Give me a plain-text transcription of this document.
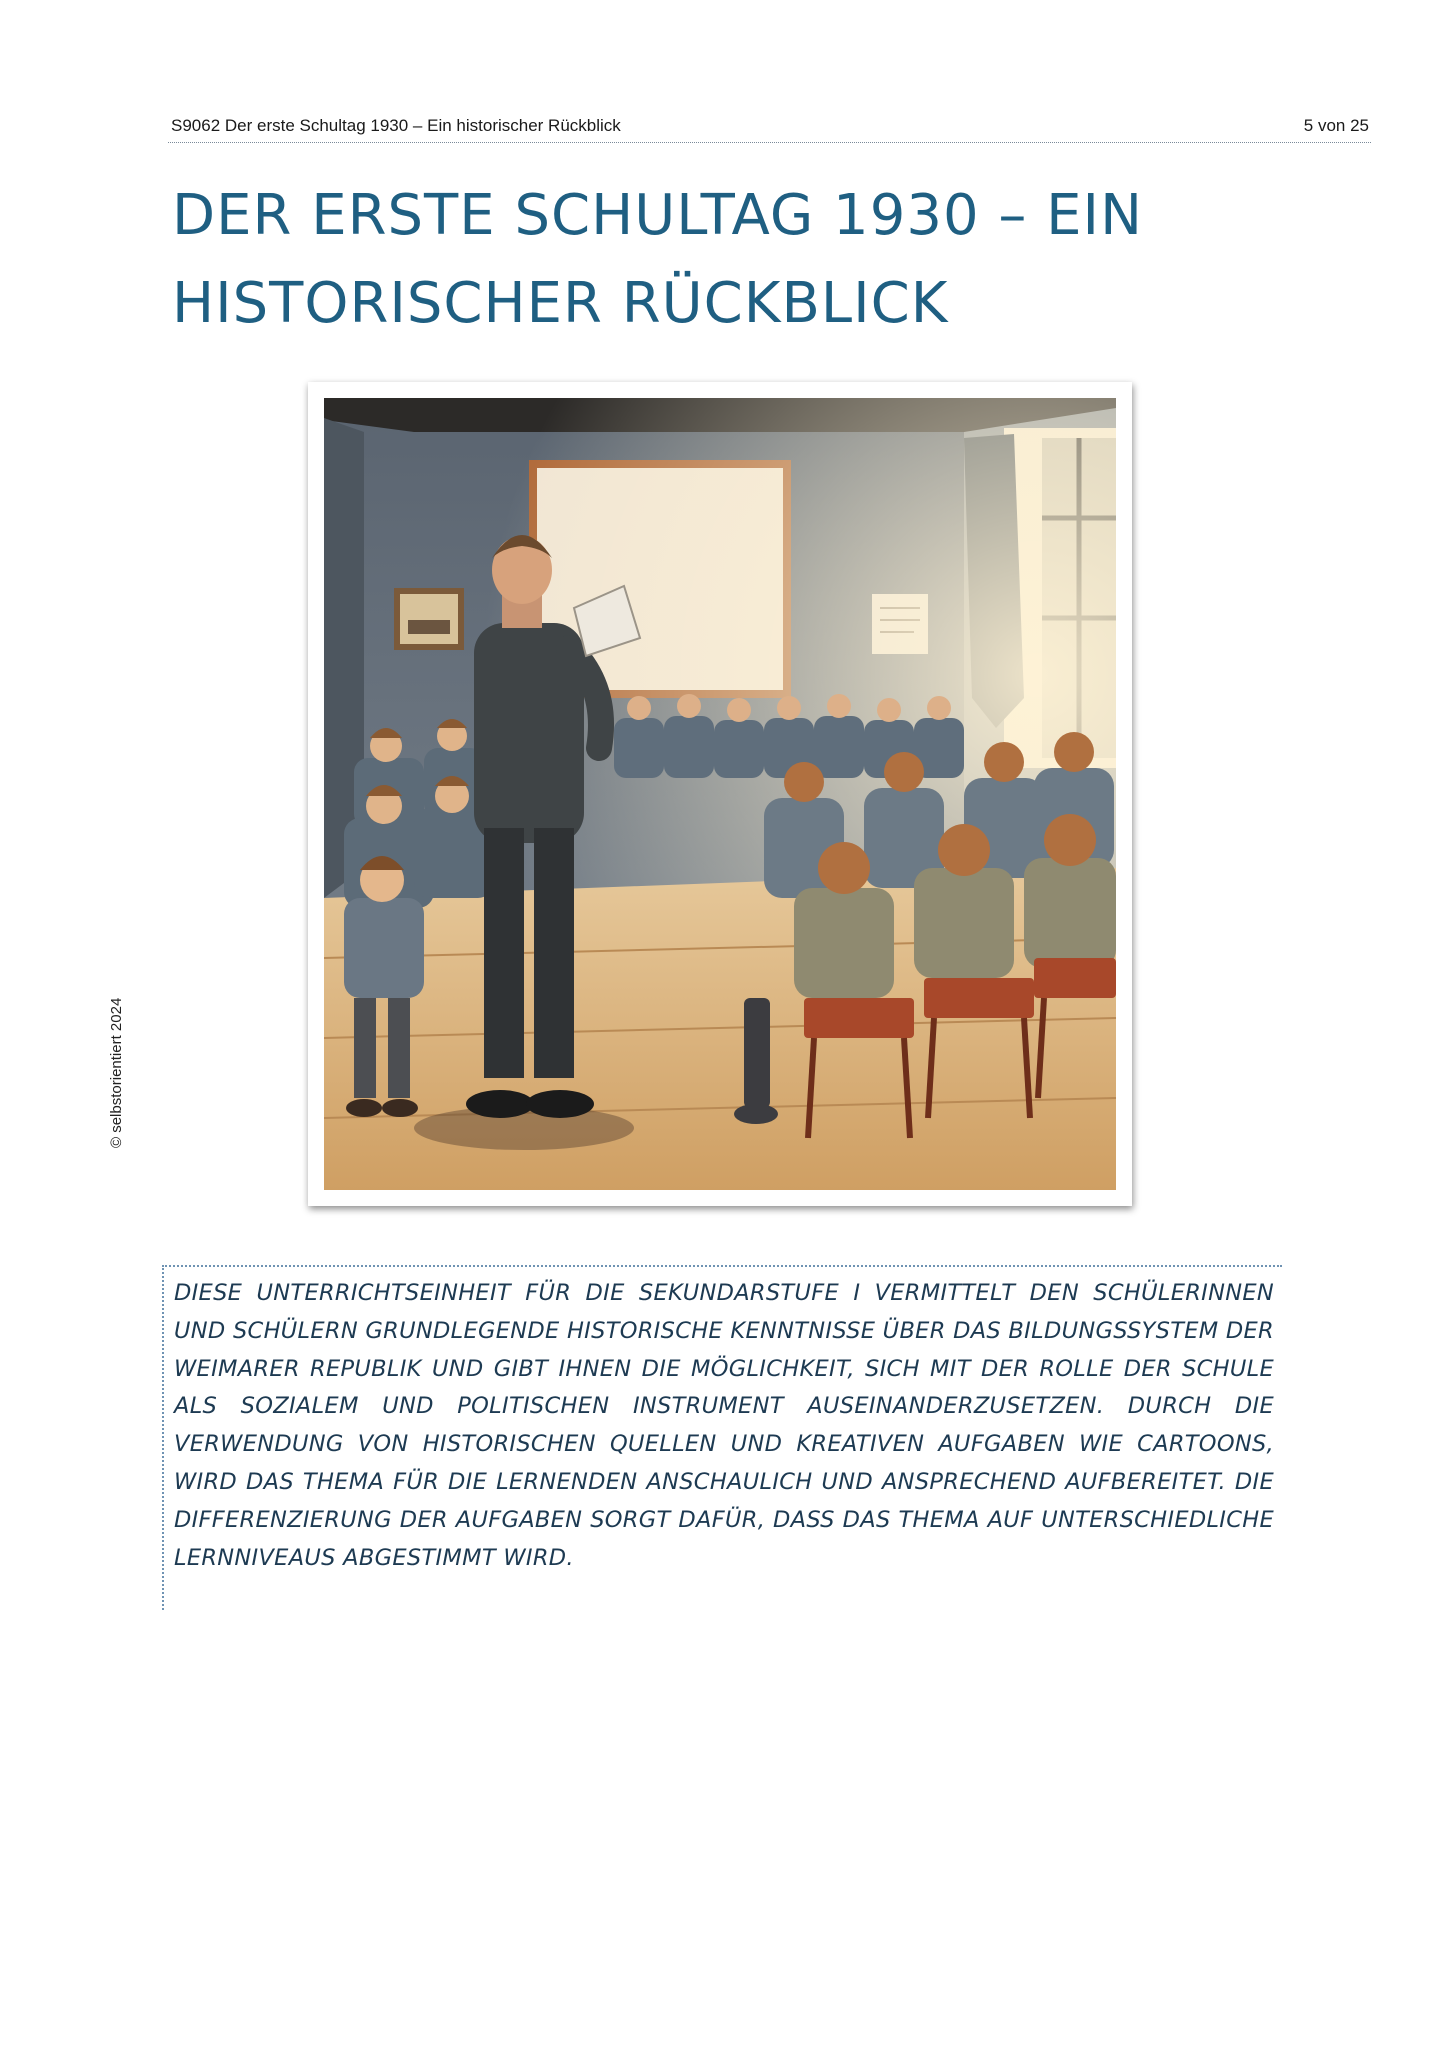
S9062 Der erste Schultag 1930 – Ein historischer Rückblick	5 von 25
DER ERSTE SCHULTAG 1930 – EIN
HISTORISCHER RÜCKBLICK
© selbstorientiert 2024

DIESE UNTERRICHTSEINHEIT FÜR DIE SEKUNDARSTUFE I VERMITTELT DEN SCHÜLERINNEN UND SCHÜLERN GRUNDLEGENDE HISTORISCHE KENNTNISSE ÜBER DAS BILDUNGSSYSTEM DER WEIMARER REPUBLIK UND GIBT IHNEN DIE MÖGLICHKEIT, SICH MIT DER ROLLE DER SCHULE ALS SOZIALEM UND POLITISCHEN INSTRUMENT AUSEINANDERZUSETZEN. DURCH DIE VERWENDUNG VON HISTORISCHEN QUELLEN UND KREATIVEN AUFGABEN WIE CARTOONS, WIRD DAS THEMA FÜR DIE LERNENDEN ANSCHAULICH UND ANSPRECHEND AUFBEREITET. DIE DIFFERENZIERUNG DER AUFGABEN SORGT DAFÜR, DASS DAS THEMA AUF UNTERSCHIEDLICHE LERNNIVEAUS ABGESTIMMT WIRD.
